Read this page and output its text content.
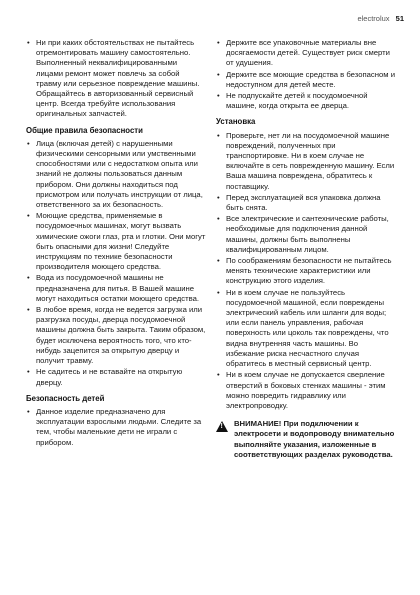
electrolux 51
• Ни при каких обстоятельствах не пытайтесь отремонтировать машину самостоятельно. Выполненный неквалифицированными лицами ремонт может повлечь за собой травму или серьезное повреждение машины. Обращайтесь в авторизованный сервисный центр. Всегда требуйте использования оригинальных запчастей.
Общие правила безопасности
• Лица (включая детей) с нарушенными физическими сенсорными или умственными способностями или с недостатком опыта или знаний не должны пользоваться данным прибором. Они должны находиться под присмотром или получать инструкции от лица, ответственного за их безопасность.
• Моющие средства, применяемые в посудомоечных машинах, могут вызвать химические ожоги глаз, рта и глотки. Они могут быть опасными для жизни! Следуйте инструкциям по технике безопасности производителя моющего средства.
• Вода из посудомоечной машины не предназначена для питья. В Вашей машине могут находиться остатки моющего средства.
• В любое время, когда не ведется загрузка или разгрузка посуды, дверца посудомоечной машины должна быть закрыта. Таким образом, будет исключена вероятность того, что кто-нибудь зацепится за открытую дверцу и получит травму.
• Не садитесь и не вставайте на открытую дверцу.
Безопасность детей
• Данное изделие предназначено для эксплуатации взрослыми людьми. Следите за тем, чтобы маленькие дети не играли с прибором.
• Держите все упаковочные материалы вне досягаемости детей. Существует риск смерти от удушения.
• Держите все моющие средства в безопасном и недоступном для детей месте.
• Не подпускайте детей к посудомоечной машине, когда открыта ее дверца.
Установка
• Проверьте, нет ли на посудомоечной машине повреждений, полученных при транспортировке. Ни в коем случае не включайте в сеть поврежденную машину. Если Ваша машина повреждена, обратитесь к поставщику.
• Перед эксплуатацией вся упаковка должна быть снята.
• Все электрические и сантехнические работы, необходимые для подключения данной машины, должны быть выполнены квалифицированным лицом.
• По соображениям безопасности не пытайтесь менять технические характеристики или конструкцию этого изделия.
• Ни в коем случае не пользуйтесь посудомоечной машиной, если повреждены электрический кабель или шланги для воды; или если панель управления, рабочая поверхность или цоколь так повреждены, что видна внутренняя часть машины. Во избежание риска несчастного случая обратитесь в местный сервисный центр.
• Ни в коем случае не допускается сверление отверстий в боковых стенках машины - этим можно повредить гидравлику или электропроводку.
!
ВНИМАНИЕ! При подключении к электросети и водопроводу внимательно выполняйте указания, изложенные в соответствующих разделах руководства.
